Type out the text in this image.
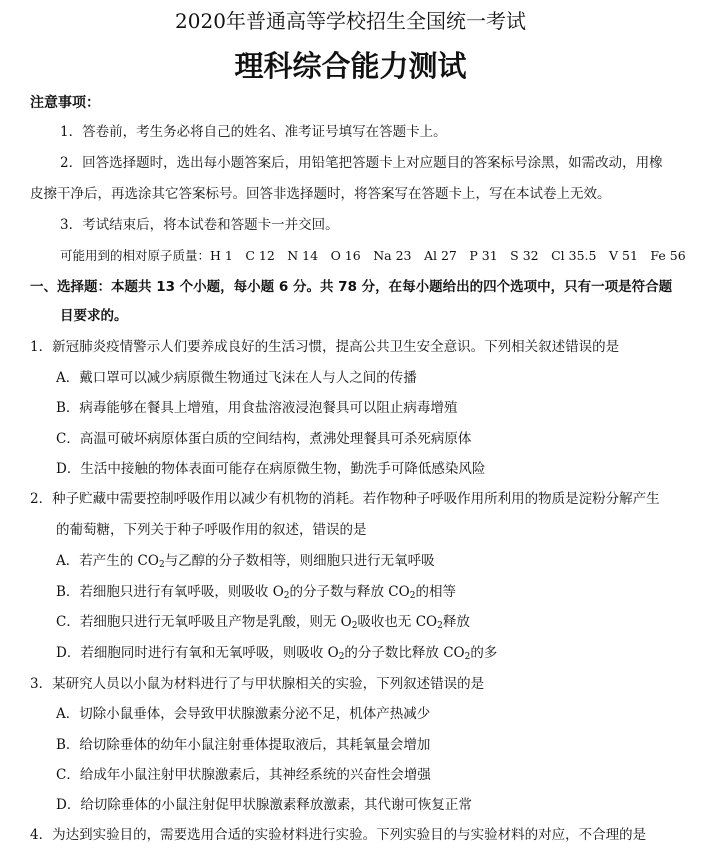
2020年普通高等学校招生全国统一考试
理科综合能力测试
注意事项：
1．答卷前，考生务必将自己的姓名、准考证号填写在答题卡上。
2．回答选择题时，选出每小题答案后，用铅笔把答题卡上对应题目的答案标号涂黑，如需改动，用橡
皮擦干净后，再选涂其它答案标号。回答非选择题时，将答案写在答题卡上，写在本试卷上无效。
3．考试结束后，将本试卷和答题卡一并交回。
可能用到的相对原子质量：H 1　C 12　N 14　O 16　Na 23　Al 27　P 31　S 32　Cl 35.5　V 51　Fe 56
一、选择题：本题共 13 个小题，每小题 6 分。共 78 分，在每小题给出的四个选项中，只有一项是符合题
目要求的。
1．新冠肺炎疫情警示人们要养成良好的生活习惯，提高公共卫生安全意识。下列相关叙述错误的是
A．戴口罩可以减少病原微生物通过飞沫在人与人之间的传播
B．病毒能够在餐具上增殖，用食盐溶液浸泡餐具可以阻止病毒增殖
C．高温可破坏病原体蛋白质的空间结构，煮沸处理餐具可杀死病原体
D．生活中接触的物体表面可能存在病原微生物，勤洗手可降低感染风险
2．种子贮藏中需要控制呼吸作用以减少有机物的消耗。若作物种子呼吸作用所利用的物质是淀粉分解产生
的葡萄糖，下列关于种子呼吸作用的叙述，错误的是
A．若产生的 $CO_2$与乙醇的分子数相等，则细胞只进行无氧呼吸
B．若细胞只进行有氧呼吸，则吸收 $O_2$的分子数与释放 $CO_2$的相等
C．若细胞只进行无氧呼吸且产物是乳酸，则无 $O_2$吸收也无 $CO_2$释放
D．若细胞同时进行有氧和无氧呼吸，则吸收 $O_2$的分子数比释放 $CO_2$的多
3．某研究人员以小鼠为材料进行了与甲状腺相关的实验，下列叙述错误的是
A．切除小鼠垂体，会导致甲状腺激素分泌不足，机体产热减少
B．给切除垂体的幼年小鼠注射垂体提取液后，其耗氧量会增加
C．给成年小鼠注射甲状腺激素后，其神经系统的兴奋性会增强
D．给切除垂体的小鼠注射促甲状腺激素释放激素，其代谢可恢复正常
4．为达到实验目的，需要选用合适的实验材料进行实验。下列实验目的与实验材料的对应，不合理的是
